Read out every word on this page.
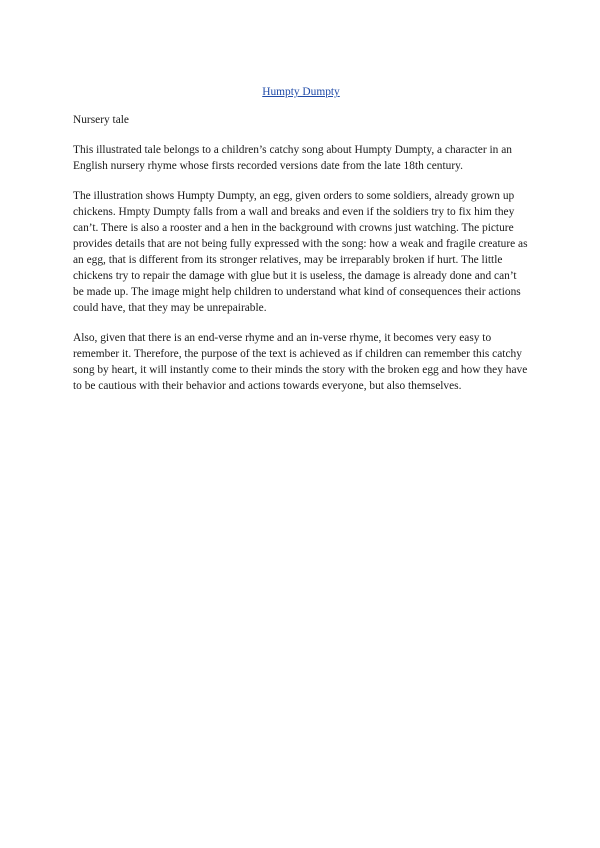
Humpty Dumpty

Nursery tale

This illustrated tale belongs to a children’s catchy song about Humpty Dumpty, a character in an English nursery rhyme whose firsts recorded versions date from the late 18th century.

The illustration shows Humpty Dumpty, an egg, given orders to some soldiers, already grown up chickens. Hmpty Dumpty falls from a wall and breaks and even if the soldiers try to fix him they can’t. There is also a rooster and a hen in the background with crowns just watching. The picture provides details that are not being fully expressed with the song: how a weak and fragile creature as an egg, that is different from its stronger relatives, may be irreparably broken if hurt. The little chickens try to repair the damage with glue but it is useless, the damage is already done and can’t be made up. The image might help children to understand what kind of consequences their actions could have, that they may be unrepairable.

Also, given that there is an end-verse rhyme and an in-verse rhyme, it becomes very easy to remember it. Therefore, the purpose of the text is achieved as if children can remember this catchy song by heart, it will instantly come to their minds the story with the broken egg and how they have to be cautious with their behavior and actions towards everyone, but also themselves.
